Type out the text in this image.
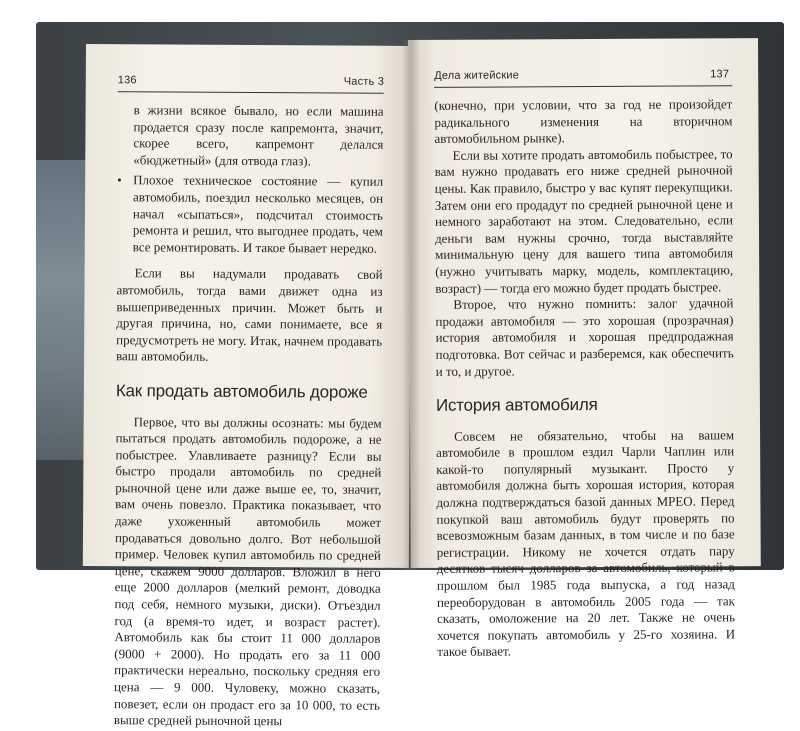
136	Часть 3
в жизни всякое бывало, но если машина продается сразу после капремонта, значит, скорее всего, капремонт делался «бюджетный» (для отвода глаз).
• Плохое техническое состояние — купил автомобиль, поездил несколько месяцев, он начал «сыпаться», подсчитал стоимость ремонта и решил, что выгоднее продать, чем все ремонтировать. И такое бывает нередко.

Если вы надумали продавать свой автомобиль, тогда вами движет одна из вышеприведенных причин. Может быть и другая причина, но, сами понимаете, все я предусмотреть не могу. Итак, начнем продавать ваш автомобиль.

Как продать автомобиль дороже

Первое, что вы должны осознать: мы будем пытаться продать автомобиль подороже, а не побыстрее. Улавливаете разницу? Если вы быстро продали автомобиль по средней рыночной цене или даже выше ее, то, значит, вам очень повезло. Практика показывает, что даже ухоженный автомобиль может продаваться довольно долго. Вот небольшой пример. Человек купил автомобиль по средней цене, скажем 9000 долларов. Вложил в него еще 2000 долларов (мелкий ремонт, доводка под себя, немного музыки, диски). Отъездил год (а время-то идет, и возраст растет). Автомобиль как бы стоит 11 000 долларов (9000 + 2000). Но продать его за 11 000 практически нереально, поскольку средняя его цена — 9 000. Чуловеку, можно сказать, повезет, если он продаст его за 10 000, то есть выше средней рыночной цены

Дела житейские	137

(конечно, при условии, что за год не произойдет радикального изменения на вторичном автомобильном рынке).

Если вы хотите продать автомобиль побыстрее, то вам нужно продавать его ниже средней рыночной цены. Как правило, быстро у вас купят перекупщики. Затем они его продадут по средней рыночной цене и немного заработают на этом. Следовательно, если деньги вам нужны срочно, тогда выставляйте минимальную цену для вашего типа автомобиля (нужно учитывать марку, модель, комплектацию, возраст) — тогда его можно будет продать быстрее.

Второе, что нужно помнить: залог удачной продажи автомобиля — это хорошая (прозрачная) история автомобиля и хорошая предпродажная подготовка. Вот сейчас и разберемся, как обеспечить и то, и другое.

История автомобиля

Совсем не обязательно, чтобы на вашем автомобиле в прошлом ездил Чарли Чаплин или какой-то популярный музыкант. Просто у автомобиля должна быть хорошая история, которая должна подтверждаться базой данных МРЕО. Перед покупкой ваш автомобиль будут проверять по всевозможным базам данных, в том числе и по базе регистрации. Никому не хочется отдать пару десятков тысяч долларов за автомобиль, который в прошлом был 1985 года выпуска, а год назад переоборудован в автомобиль 2005 года — так сказать, омоложение на 20 лет. Также не очень хочется покупать автомобиль у 25-го хозяина. И такое бывает.
